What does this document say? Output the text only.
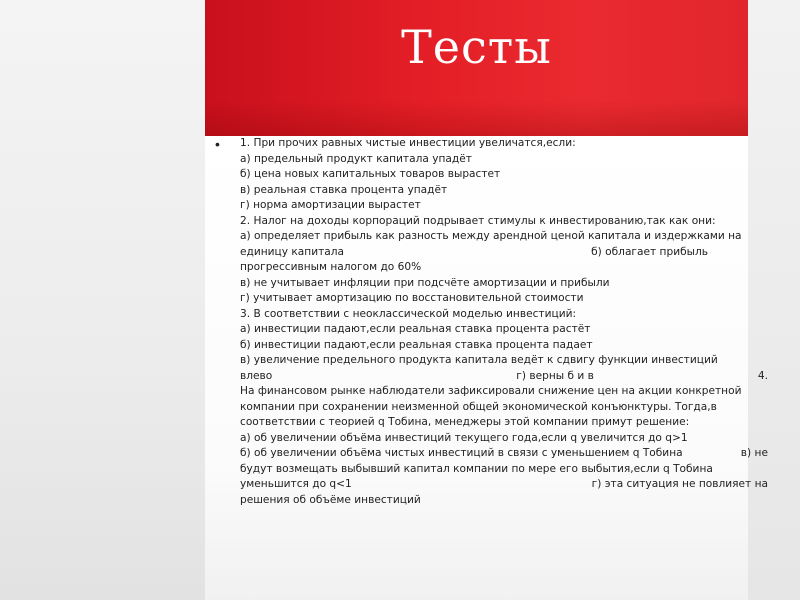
Тесты
• 1. При прочих равных чистые инвестиции увеличатся,если:
а) предельный продукт капитала упадёт
б) цена новых капитальных товаров вырастет
в) реальная ставка процента упадёт
г) норма амортизации вырастет
2. Налог на доходы корпораций подрывает стимулы к инвестированию,так как они:
а) определяет прибыль как разность между арендной ценой капитала и издержками на
единицу капитала	б) облагает прибыль
прогрессивным налогом до 60%
в) не учитывает инфляции при подсчёте амортизации и прибыли
г) учитывает амортизацию по восстановительной стоимости
3. В соответствии с неоклассической моделью инвестиций:
а) инвестиции падают,если реальная ставка процента растёт
б) инвестиции падают,если реальная ставка процента падает
в) увеличение предельного продукта капитала ведёт к сдвигу функции инвестиций
влево	г) верны б и в	4.
На финансовом рынке наблюдатели зафиксировали снижение цен на акции конкретной
компании при сохранении неизменной общей экономической конъюнктуры. Тогда,в
соответствии с теорией q Тобина, менеджеры этой компании примут решение:
а) об увеличении объёма инвестиций текущего года,если q увеличится до q>1
б) об увеличении объёма чистых инвестиций в связи с уменьшением q Тобина	в) не
будут возмещать выбывший капитал компании по мере его выбытия,если q Тобина
уменьшится до q<1	г) эта ситуация не повлияет на
решения об объёме инвестиций
